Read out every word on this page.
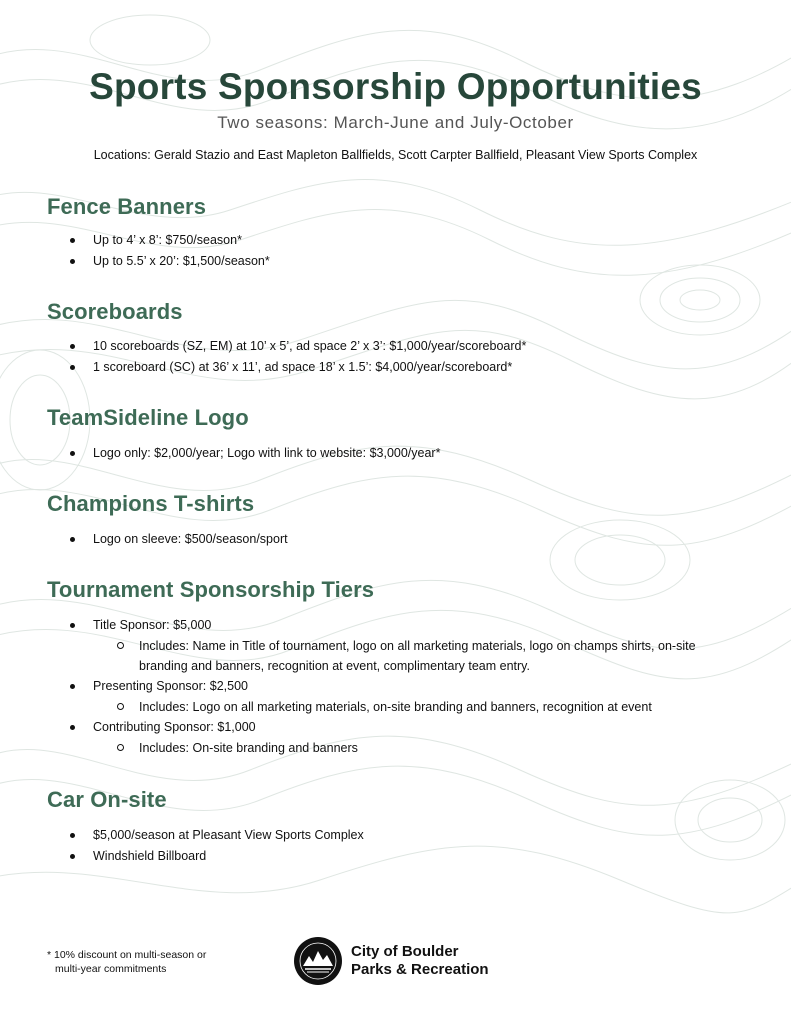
Sports Sponsorship Opportunities
Two seasons: March-June and July-October
Locations: Gerald Stazio and East Mapleton Ballfields, Scott Carpter Ballfield, Pleasant View Sports Complex
Fence Banners
Up to 4’ x 8’: $750/season*
Up to 5.5’ x 20’: $1,500/season*
Scoreboards
10 scoreboards (SZ, EM) at 10’ x 5’, ad space 2’ x 3’: $1,000/year/scoreboard*
1 scoreboard (SC) at 36’ x 11’, ad space 18’ x 1.5’: $4,000/year/scoreboard*
TeamSideline Logo
Logo only: $2,000/year; Logo with link to website: $3,000/year*
Champions T-shirts
Logo on sleeve: $500/season/sport
Tournament Sponsorship Tiers
Title Sponsor: $5,000
Includes: Name in Title of tournament, logo on all marketing materials, logo on champs shirts, on-site branding and banners, recognition at event, complimentary team entry.
Presenting Sponsor: $2,500
Includes: Logo on all marketing materials, on-site branding and banners, recognition at event
Contributing Sponsor: $1,000
Includes: On-site branding and banners
Car On-site
$5,000/season at Pleasant View Sports Complex
Windshield Billboard
* 10% discount on multi-season or
multi-year commitments
City of Boulder
Parks & Recreation
